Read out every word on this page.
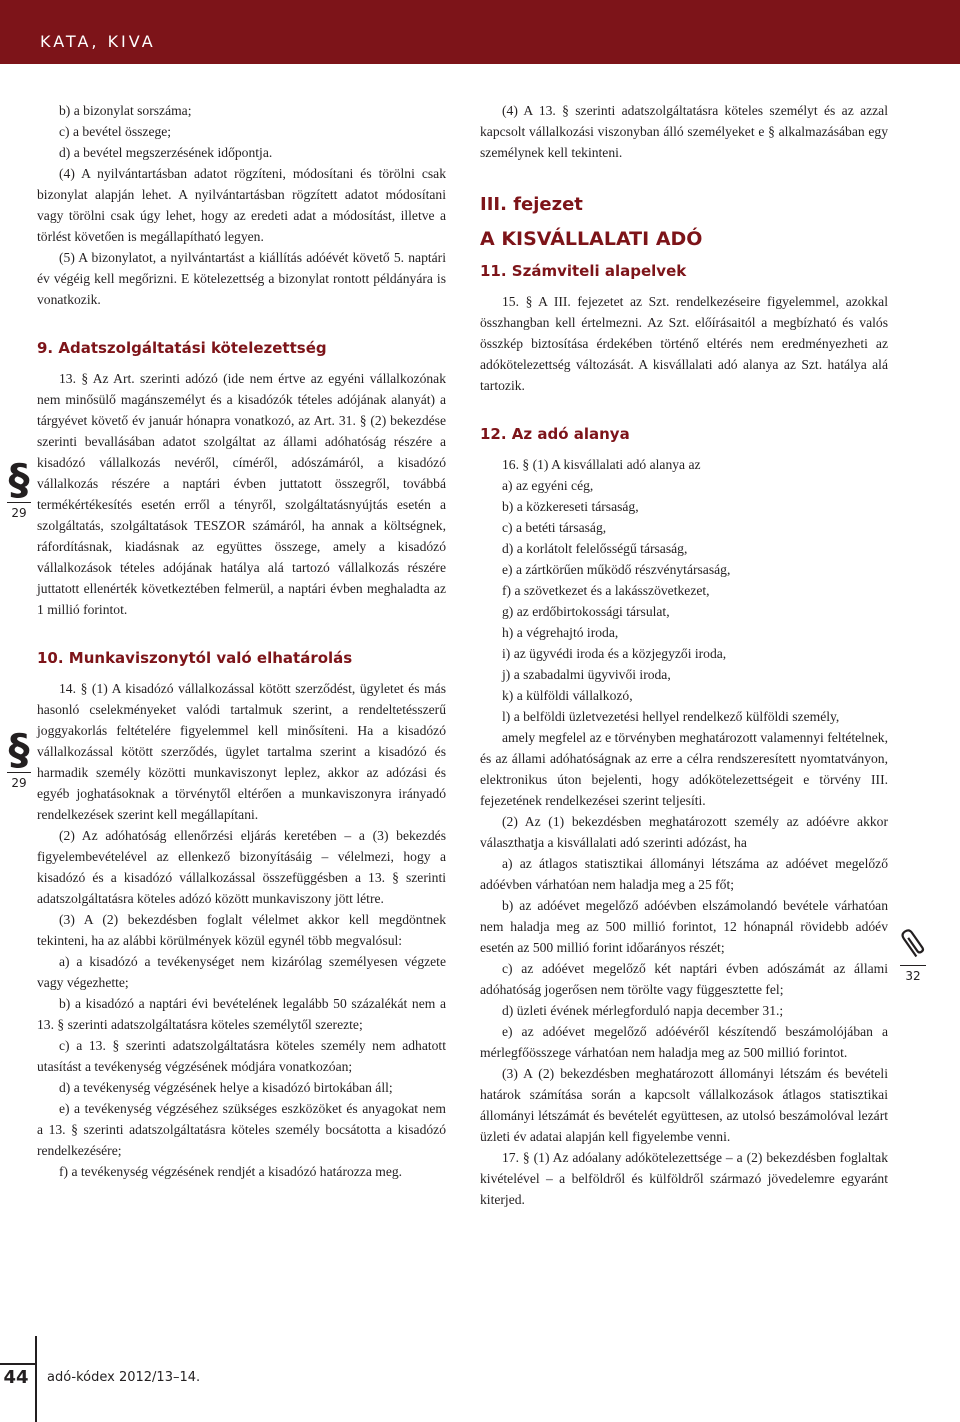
KATA, KIVA

b) a bizonylat sorszáma;

c) a bevétel összege;

d) a bevétel megszerzésének időpontja.

(4) A nyilvántartásban adatot rögzíteni, módosítani és törölni csak bizonylat alapján lehet. A nyilvántartásban rögzített adatot módosítani vagy törölni csak úgy lehet, hogy az eredeti adat a módosítást, illetve a törlést követően is megállapítható legyen.

(5) A bizonylatot, a nyilvántartást a kiállítás adóévét követő 5. naptári év végéig kell megőrizni. E kötelezettség a bizonylat rontott példányára is vonatkozik.

9. Adatszolgáltatási kötelezettség

13. § Az Art. szerinti adózó (ide nem értve az egyéni vállalkozónak nem minősülő magánszemélyt és a kisadózók tételes adójának alanyát) a tárgyévet követő év január hónapra vonatkozó, az Art. 31. § (2) bekezdése szerinti bevallásában adatot szolgáltat az állami adóhatóság részére a kisadózó vállalkozás nevéről, címéről, adószámáról, a kisadózó vállalkozás részére a naptári évben juttatott összegről, továbbá termékértékesítés esetén erről a tényről, szolgáltatásnyújtás esetén a szolgáltatás, szolgáltatások TESZOR számáról, ha annak a költségnek, ráfordításnak, kiadásnak az együttes összege, amely a kisadózó vállalkozások tételes adójának hatálya alá tartozó vállalkozás részére juttatott ellenérték következtében felmerül, a naptári évben meghaladta az 1 millió forintot.

10. Munkaviszonytól való elhatárolás

14. § (1) A kisadózó vállalkozással kötött szerződést, ügyletet és más hasonló cselekményeket valódi tartalmuk szerint, a rendeltetésszerű joggyakorlás feltételére figyelemmel kell minősíteni. Ha a kisadózó vállalkozással kötött szerződés, ügylet tartalma szerint a kisadózó és harmadik személy közötti munkaviszonyt leplez, akkor az adózási és egyéb joghatásoknak a törvénytől eltérően a munkaviszonyra irányadó rendelkezések szerint kell megállapítani.

(2) Az adóhatóság ellenőrzési eljárás keretében – a (3) bekezdés figyelembevételével az ellenkező bizonyításáig – vélelmezi, hogy a kisadózó és a kisadózó vállalkozással összefüggésben a 13. § szerinti adatszolgáltatásra köteles adózó között munkaviszony jött létre.

(3) A (2) bekezdésben foglalt vélelmet akkor kell megdöntnek tekinteni, ha az alábbi körülmények közül egynél több megvalósul:

a) a kisadózó a tevékenységet nem kizárólag személyesen végzete vagy végezhette;

b) a kisadózó a naptári évi bevételének legalább 50 százalékát nem a 13. § szerinti adatszolgáltatásra köteles személytől szerezte;

c) a 13. § szerinti adatszolgáltatásra köteles személy nem adhatott utasítást a tevékenység végzésének módjára vonatkozóan;

d) a tevékenység végzésének helye a kisadózó birtokában áll;

e) a tevékenység végzéséhez szükséges eszközöket és anyagokat nem a 13. § szerinti adatszolgáltatásra köteles személy bocsátotta a kisadózó rendelkezésére;

f) a tevékenység végzésének rendjét a kisadózó határozza meg.

(4) A 13. § szerinti adatszolgáltatásra köteles személyt és az azzal kapcsolt vállalkozási viszonyban álló személyeket e § alkalmazásában egy személynek kell tekinteni.

III. fejezet

A KISVÁLLALATI ADÓ

11. Számviteli alapelvek

15. § A III. fejezetet az Szt. rendelkezéseire figyelemmel, azokkal összhangban kell értelmezni. Az Szt. előírásaitól a megbízható és valós összkép biztosítása érdekében történő eltérés nem eredményezheti az adókötelezettség változását. A kisvállalati adó alanya az Szt. hatálya alá tartozik.

12. Az adó alanya

16. § (1) A kisvállalati adó alanya az

a) az egyéni cég,

b) a közkereseti társaság,

c) a betéti társaság,

d) a korlátolt felelősségű társaság,

e) a zártkörűen működő részvénytársaság,

f) a szövetkezet és a lakásszövetkezet,

g) az erdőbirtokossági társulat,

h) a végrehajtó iroda,

i) az ügyvédi iroda és a közjegyzői iroda,

j) a szabadalmi ügyvivői iroda,

k) a külföldi vállalkozó,

l) a belföldi üzletvezetési hellyel rendelkező külföldi személy,

amely megfelel az e törvényben meghatározott valamennyi feltételnek, és az állami adóhatóságnak az erre a célra rendszeresített nyomtatványon, elektronikus úton bejelenti, hogy adókötelezettségeit e törvény III. fejezetének rendelkezései szerint teljesíti.

(2) Az (1) bekezdésben meghatározott személy az adóévre akkor választhatja a kisvállalati adó szerinti adózást, ha

a) az átlagos statisztikai állományi létszáma az adóévet megelőző adóévben várhatóan nem haladja meg a 25 főt;

b) az adóévet megelőző adóévben elszámolandó bevétele várhatóan nem haladja meg az 500 millió forintot, 12 hónapnál rövidebb adóév esetén az 500 millió forint időarányos részét;

c) az adóévet megelőző két naptári évben adószámát az állami adóhatóság jogerősen nem törölte vagy függesztette fel;

d) üzleti évének mérlegforduló napja december 31.;

e) az adóévet megelőző adóévéről készítendő beszámolójában a mérlegfőösszege várhatóan nem haladja meg az 500 millió forintot.

(3) A (2) bekezdésben meghatározott állományi létszám és bevételi határok számítása során a kapcsolt vállalkozások átlagos statisztikai állományi létszámát és bevételét együttesen, az utolsó beszámolóval lezárt üzleti év adatai alapján kell figyelembe venni.

17. § (1) Az adóalany adókötelezettsége – a (2) bekezdésben foglaltak kivételével – a belföldről és külföldről származó jövedelemre egyaránt kiterjed.

§
29
§
29
32
44 adó-kódex 2012/13–14.
